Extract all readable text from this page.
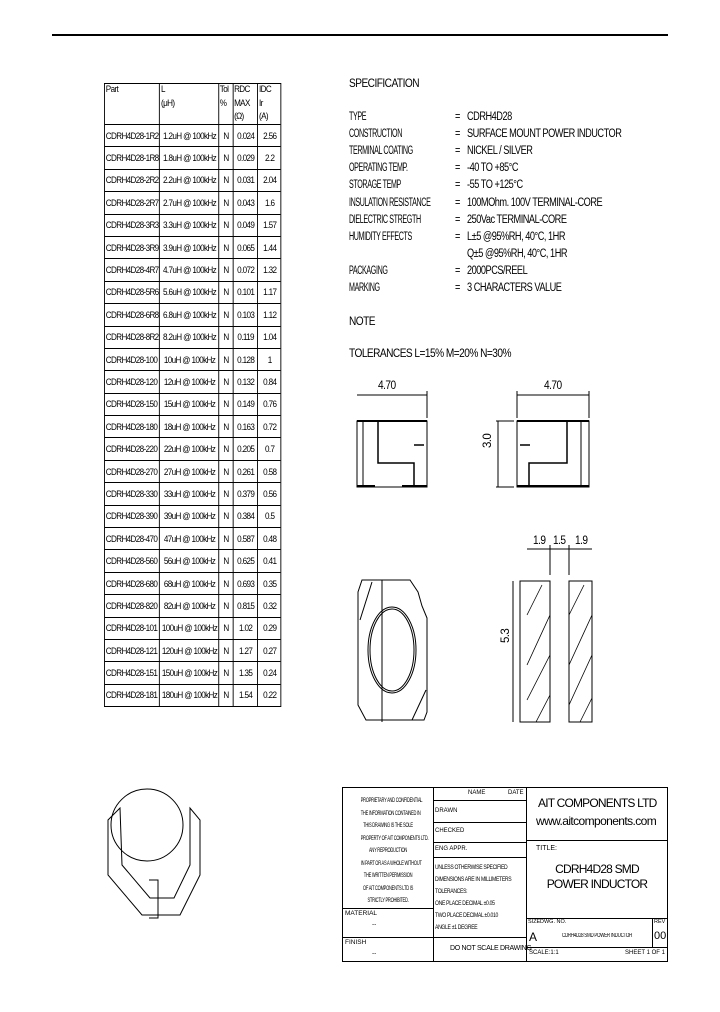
Part	L	Tol RDC	IDC
(μH)	% MAX	Ir
(Ω)	(A)
CDRH4D28-1R2 1.2uH @ 100kHz N 0.024 2.56
CDRH4D28-1R8 1.8uH @ 100kHz N 0.029	2.2
CDRH4D28-2R2 2.2uH @ 100kHz N 0.031 2.04
CDRH4D28-2R7 2.7uH @ 100kHz N 0.043	1.6
CDRH4D28-3R3 3.3uH @ 100kHz N 0.049 1.57
CDRH4D28-3R9 3.9uH @ 100kHz N 0.065 1.44
CDRH4D28-4R7 4.7uH @ 100kHz N 0.072 1.32
CDRH4D28-5R6 5.6uH @ 100kHz N 0.101 1.17
CDRH4D28-6R8 6.8uH @ 100kHz N 0.103 1.12
CDRH4D28-8R2 8.2uH @ 100kHz N 0.119	1.04
CDRH4D28-100 10uH @ 100kHz N 0.128	1
CDRH4D28-120 12uH @ 100kHz N 0.132 0.84
CDRH4D28-150 15uH @ 100kHz N 0.149 0.76
CDRH4D28-180 18uH @ 100kHz N 0.163 0.72
CDRH4D28-220 22uH @ 100kHz N 0.205	0.7
CDRH4D28-270 27uH @ 100kHz N 0.261 0.58
CDRH4D28-330 33uH @ 100kHz N 0.379 0.56
CDRH4D28-390 39uH @ 100kHz N 0.384	0.5
CDRH4D28-470 47uH @ 100kHz N 0.587 0.48
CDRH4D28-560 56uH @ 100kHz N 0.625 0.41
CDRH4D28-680 68uH @ 100kHz N 0.693 0.35
CDRH4D28-820 82uH @ 100kHz N 0.815 0.32
CDRH4D28-101 100uH @ 100kHz N	1.02	0.29
CDRH4D28-121 120uH @ 100kHz N	1.27	0.27
CDRH4D28-151 150uH @ 100kHz N	1.35	0.24
CDRH4D28-181 180uH @ 100kHz N	1.54	0.22
SPECIFICATION
TYPE	= CDRH4D28
CONSTRUCTION	= SURFACE MOUNT POWER INDUCTOR
TERMINAL COATING	= NICKEL / SILVER
OPERATING TEMP.	= -40 TO +85°C
STORAGE TEMP	= -55 TO +125°C
INSULATION RESISTANCE = 100MOhm. 100V TERMINAL-CORE
DIELECTRIC STREGTH	= 250Vac TERMINAL-CORE
HUMIDITY EFFECTS	= L±5 @95%RH, 40°C, 1HR
Q±5 @95%RH, 40°C, 1HR
PACKAGING	= 2000PCS/REEL
MARKING	= 3 CHARACTERS VALUE
NOTE
TOLERANCES L=15% M=20% N=30%
4.70	4.70
3.0
1.9 1.5 1.9
5.3
PROPRIETARY AND CONFIDENTIAL
THE INFORMATION CONTAINED IN
THIS DRAWING IS THE SOLE
PROPERTY OF AIT COMPONENTS LTD.
ANY REPRODUCTION
IN PART OR AS A WHOLE WITHOUT
THE WRITTEN PERMISSION
OF AIT COMPONENTS LTD IS
STRICTLY PROHIBITED.
MATERIAL
--
FINISH
--
NAME	DATE
DRAWN
CHECKED
ENG APPR.
UNLESS OTHERWISE SPECIFIED
DIMENSIONS ARE IN MILLIMETERS
TOLERANCES:
ONE PLACE DECIMAL ±0.05
TWO PLACE DECIMAL ±0.010
ANGLE ±1 DEGREE
DO NOT SCALE DRAWING
AIT COMPONENTS LTD
www.aitcomponents.com
TITLE:
CDRH4D28 SMD
POWER INDUCTOR
SIZE DWG. NO.
A	CDRH4D28 SMD POWER INDUCTOR
REV
00
SCALE:1:1	SHEET 1 OF 1
